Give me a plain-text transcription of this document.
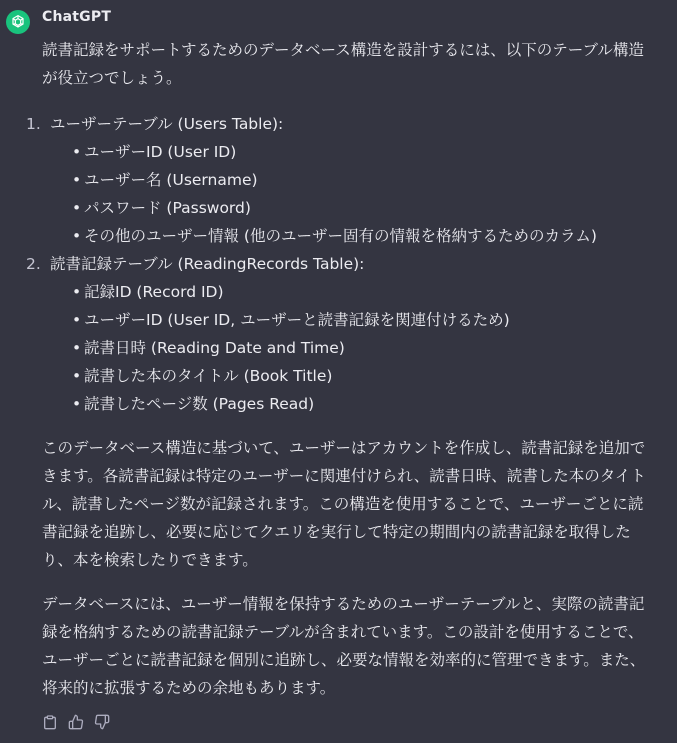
ChatGPT

読書記録をサポートするためのデータベース構造を設計するには、以下のテーブル構造が役立つでしょう。

1. ユーザーテーブル (Users Table):
• ユーザーID (User ID)
• ユーザー名 (Username)
• パスワード (Password)
• その他のユーザー情報 (他のユーザー固有の情報を格納するためのカラム)
2. 読書記録テーブル (ReadingRecords Table):
• 記録ID (Record ID)
• ユーザーID (User ID, ユーザーと読書記録を関連付けるため)
• 読書日時 (Reading Date and Time)
• 読書した本のタイトル (Book Title)
• 読書したページ数 (Pages Read)

このデータベース構造に基づいて、ユーザーはアカウントを作成し、読書記録を追加できます。各読書記録は特定のユーザーに関連付けられ、読書日時、読書した本のタイトル、読書したページ数が記録されます。この構造を使用することで、ユーザーごとに読書記録を追跡し、必要に応じてクエリを実行して特定の期間内の読書記録を取得したり、本を検索したりできます。

データベースには、ユーザー情報を保持するためのユーザーテーブルと、実際の読書記録を格納するための読書記録テーブルが含まれています。この設計を使用することで、ユーザーごとに読書記録を個別に追跡し、必要な情報を効率的に管理できます。また、将来的に拡張するための余地もあります。
